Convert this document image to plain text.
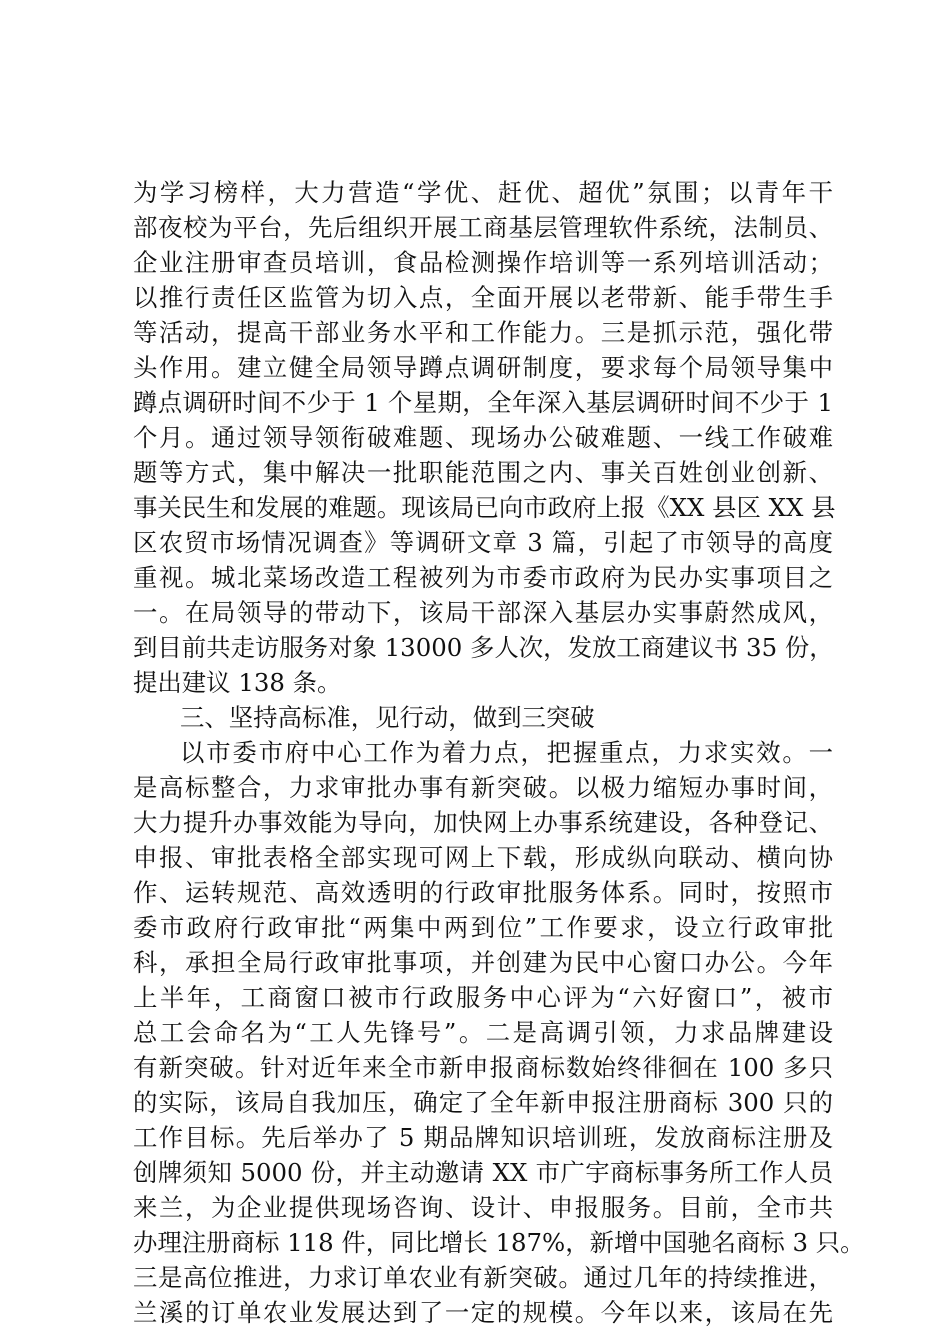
为学习榜样，大力营造“学优、赶优、超优”氛围；以青年干
部夜校为平台，先后组织开展工商基层管理软件系统，法制员、
企业注册审查员培训，食品检测操作培训等一系列培训活动；
以推行责任区监管为切入点，全面开展以老带新、能手带生手
等活动，提高干部业务水平和工作能力。三是抓示范，强化带
头作用。建立健全局领导蹲点调研制度，要求每个局领导集中
蹲点调研时间不少于 1 个星期，全年深入基层调研时间不少于 1
个月。通过领导领衔破难题、现场办公破难题、一线工作破难
题等方式，集中解决一批职能范围之内、事关百姓创业创新、
事关民生和发展的难题。现该局已向市政府上报《XX 县区 XX 县
区农贸市场情况调查》等调研文章 3 篇，引起了市领导的高度
重视。城北菜场改造工程被列为市委市政府为民办实事项目之
一。在局领导的带动下，该局干部深入基层办实事蔚然成风，
到目前共走访服务对象 13000 多人次，发放工商建议书 35 份，
提出建议 138 条。
三、坚持高标准，见行动，做到三突破
以市委市府中心工作为着力点，把握重点，力求实效。一
是高标整合，力求审批办事有新突破。以极力缩短办事时间，
大力提升办事效能为导向，加快网上办事系统建设，各种登记、
申报、审批表格全部实现可网上下载，形成纵向联动、横向协
作、运转规范、高效透明的行政审批服务体系。同时，按照市
委市政府行政审批“两集中两到位”工作要求，设立行政审批
科，承担全局行政审批事项，并创建为民中心窗口办公。今年
上半年，工商窗口被市行政服务中心评为“六好窗口”，被市
总工会命名为“工人先锋号”。二是高调引领，力求品牌建设
有新突破。针对近年来全市新申报商标数始终徘徊在 100 多只
的实际，该局自我加压，确定了全年新申报注册商标 300 只的
工作目标。先后举办了 5 期品牌知识培训班，发放商标注册及
创牌须知 5000 份，并主动邀请 XX 市广宇商标事务所工作人员
来兰，为企业提供现场咨询、设计、申报服务。目前，全市共
办理注册商标 118 件，同比增长 187%，新增中国驰名商标 3 只。
三是高位推进，力求订单农业有新突破。通过几年的持续推进，
兰溪的订单农业发展达到了一定的规模。今年以来，该局在先
